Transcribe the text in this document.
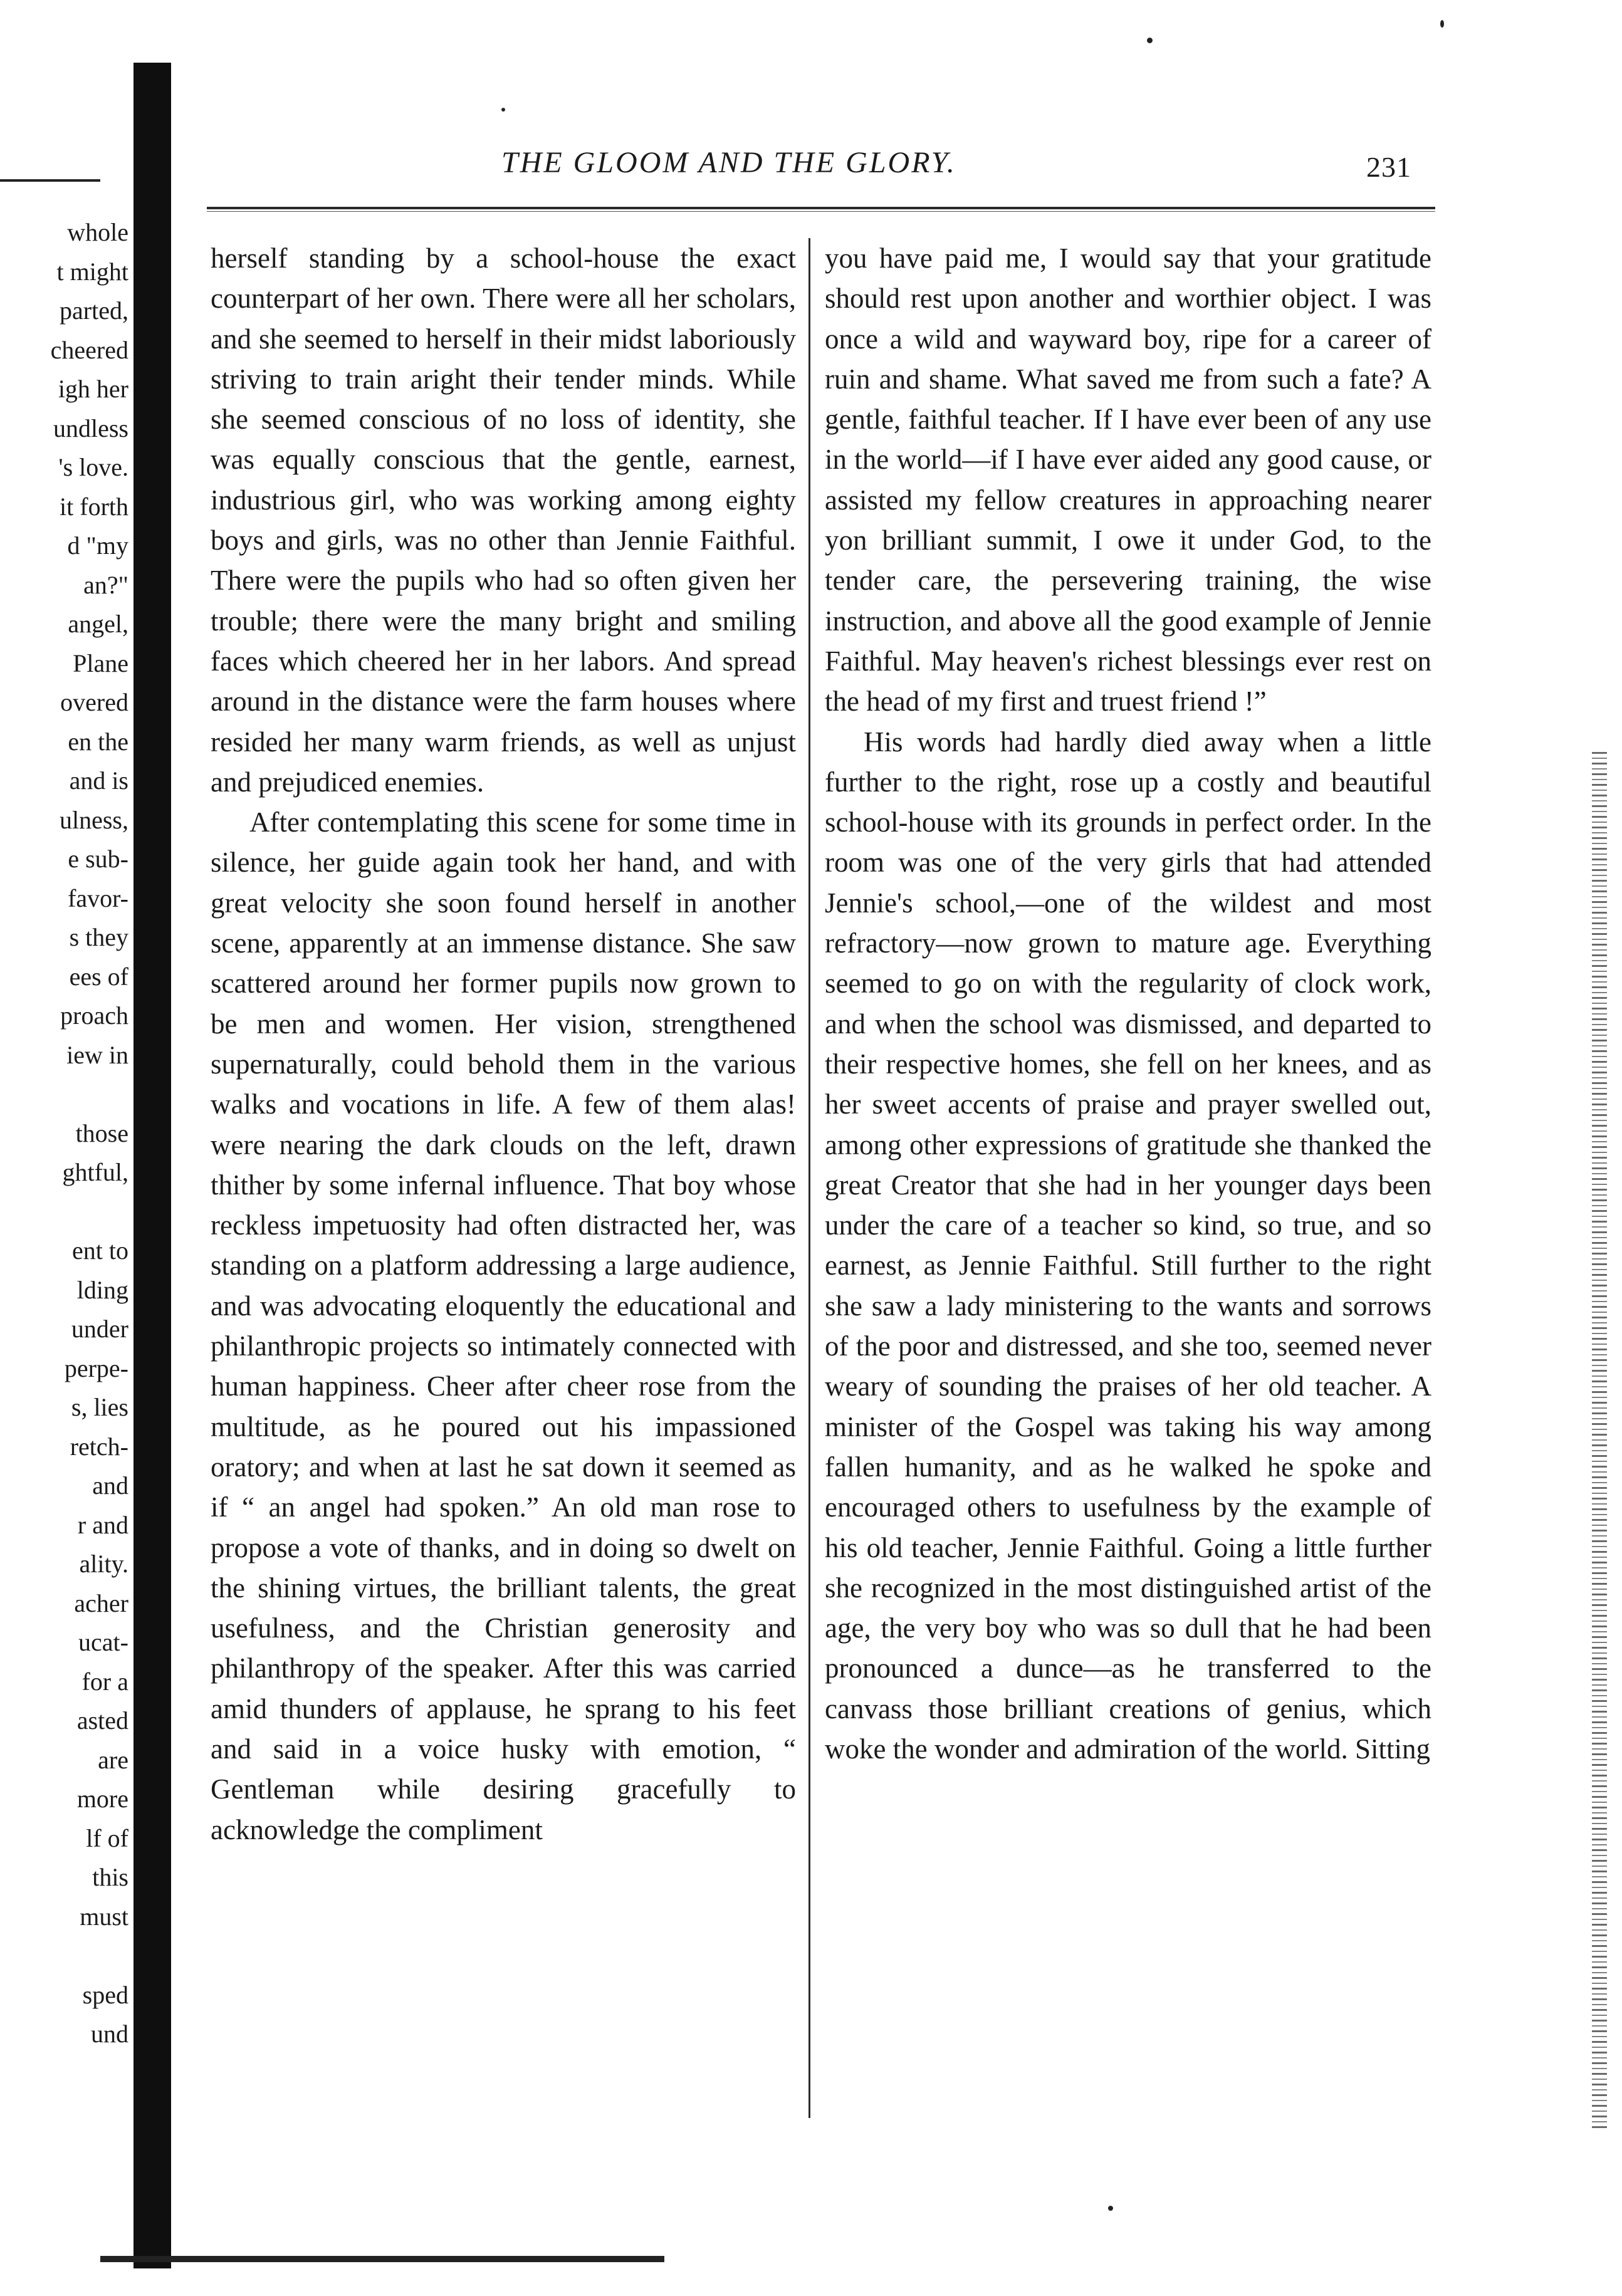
whole
t might
parted,
cheered
igh her
undless
's love.
it forth
d "my
an?"
angel,
Plane
overed
en the
and is
ulness,
e sub-
favor-
s they
ees of
proach
iew in

those
ghtful,

ent to
lding
under
perpe-
s, lies
retch-
and
r and
ality.
acher
ucat-
for a
asted
are
more
lf of
this
must

sped
und
THE GLOOM AND THE GLORY.	231

herself standing by a school-house the exact counterpart of her own. There were all her scholars, and she seemed to herself in their midst laboriously striving to train aright their tender minds. While she seemed conscious of no loss of identity, she was equally conscious that the gentle, earnest, industrious girl, who was working among eighty boys and girls, was no other than Jennie Faithful. There were the pupils who had so often given her trouble; there were the many bright and smiling faces which cheered her in her labors. And spread around in the distance were the farm houses where resided her many warm friends, as well as unjust and prejudiced enemies.

After contemplating this scene for some time in silence, her guide again took her hand, and with great velocity she soon found herself in another scene, apparently at an immense distance. She saw scattered around her former pupils now grown to be men and women. Her vision, strengthened supernaturally, could behold them in the various walks and vocations in life. A few of them alas! were nearing the dark clouds on the left, drawn thither by some infernal influence. That boy whose reckless impetuosity had often distracted her, was standing on a platform addressing a large audience, and was advocating eloquently the educational and philanthropic projects so intimately connected with human happiness. Cheer after cheer rose from the multitude, as he poured out his impassioned oratory; and when at last he sat down it seemed as if “ an angel had spoken.” An old man rose to propose a vote of thanks, and in doing so dwelt on the shining virtues, the brilliant talents, the great usefulness, and the Christian generosity and philanthropy of the speaker. After this was carried amid thunders of applause, he sprang to his feet and said in a voice husky with emotion, “ Gentleman while desiring gracefully to acknowledge the compliment

you have paid me, I would say that your gratitude should rest upon another and worthier object. I was once a wild and wayward boy, ripe for a career of ruin and shame. What saved me from such a fate? A gentle, faithful teacher. If I have ever been of any use in the world—if I have ever aided any good cause, or assisted my fellow creatures in approaching nearer yon brilliant summit, I owe it under God, to the tender care, the persevering training, the wise instruction, and above all the good example of Jennie Faithful. May heaven's richest blessings ever rest on the head of my first and truest friend !”

His words had hardly died away when a little further to the right, rose up a costly and beautiful school-house with its grounds in perfect order. In the room was one of the very girls that had attended Jennie's school,—one of the wildest and most refractory—now grown to mature age. Everything seemed to go on with the regularity of clock work, and when the school was dismissed, and departed to their respective homes, she fell on her knees, and as her sweet accents of praise and prayer swelled out, among other expressions of gratitude she thanked the great Creator that she had in her younger days been under the care of a teacher so kind, so true, and so earnest, as Jennie Faithful. Still further to the right she saw a lady ministering to the wants and sorrows of the poor and distressed, and she too, seemed never weary of sounding the praises of her old teacher. A minister of the Gospel was taking his way among fallen humanity, and as he walked he spoke and encouraged others to usefulness by the example of his old teacher, Jennie Faithful. Going a little further she recognized in the most distinguished artist of the age, the very boy who was so dull that he had been pronounced a dunce—as he transferred to the canvass those brilliant creations of genius, which woke the wonder and admiration of the world. Sitting
